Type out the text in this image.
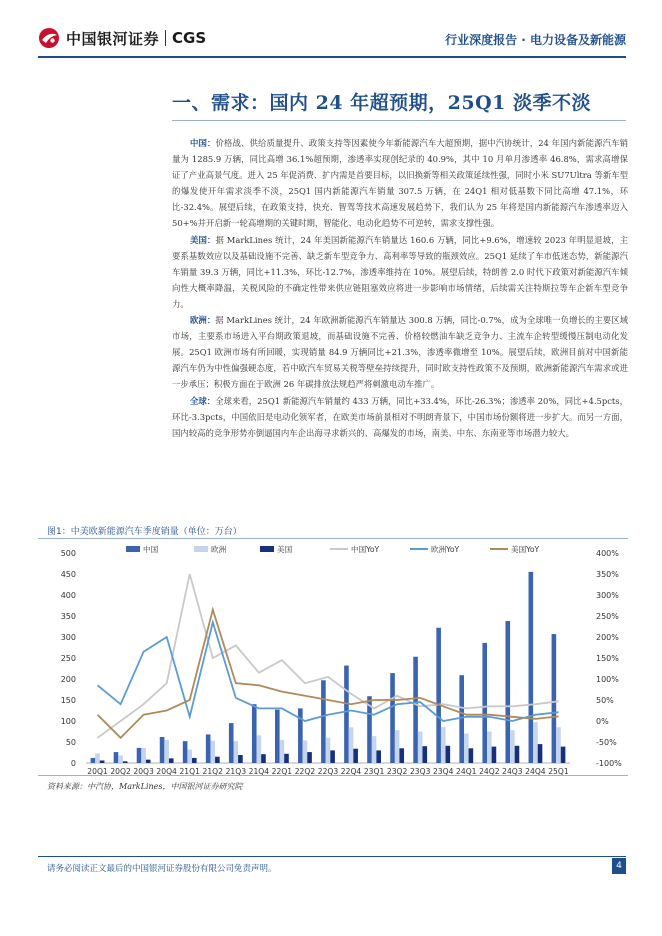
中国银河证券 CGS	行业深度报告 · 电力设备及新能源
一、需求：国内 24 年超预期，25Q1 淡季不淡

中国：价格战、供给质量提升、政策支持等因素使今年新能源汽车大超预期，据中汽协统计，24 年国内新能源汽车销量为 1285.9 万辆，同比高增 36.1%超预期，渗透率实现创纪录的 40.9%，其中 10 月单月渗透率 46.8%，需求高增保证了产业高景气度。进入 25 年促消费、扩内需是首要目标，以旧换新等相关政策延续性强，同时小米 SU7Ultra 等新车型的爆发使开年需求淡季不淡，25Q1 国内新能源汽车销量 307.5 万辆，在 24Q1 相对低基数下同比高增 47.1%，环比-32.4%。展望后续，在政策支持，快充、智驾等技术高速发展趋势下，我们认为 25 年将是国内新能源汽车渗透率迈入 50+%并开启新一轮高增期的关键时期，智能化、电动化趋势不可逆转，需求支撑性强。

美国：据 MarkLines 统计，24 年美国新能源汽车销量达 160.6 万辆，同比+9.6%，增速较 2023 年明显退坡，主要系基数效应以及基础设施不完善、缺乏新车型竞争力、高利率等导致的瓶颈效应。25Q1 延续了车市低迷态势，新能源汽车销量 39.3 万辆，同比+11.3%，环比-12.7%，渗透率维持在 10%。展望后续，特朗普 2.0 时代下政策对新能源汽车倾向性大概率降温，关税风险的不确定性带来供应链阻塞效应将进一步影响市场情绪，后续需关注特斯拉等车企新车型竞争力。

欧洲：据 MarkLines 统计，24 年欧洲新能源汽车销量达 300.8 万辆，同比-0.7%，成为全球唯一负增长的主要区域市场，主要系市场进入平台期政策退坡，而基础设施不完善、价格较燃油车缺乏竞争力、主流车企转型缓慢压制电动化发展。25Q1 欧洲市场有所回暖，实现销量 84.9 万辆同比+21.3%，渗透率微增至 10%。展望后续，欧洲目前对中国新能源汽车仍为中性偏强硬态度，若中欧汽车贸易关税等壁垒持续提升，同时欧支持性政策不及预期，欧洲新能源汽车需求或进一步承压；积极方面在于欧洲 26 年碳排放法规趋严将刺激电动车推广。

全球：全球来看，25Q1 新能源汽车销量约 433 万辆，同比+33.4%，环比-26.3%；渗透率 20%，同比+4.5pcts，环比-3.3pcts，中国依旧是电动化领军者，在欧美市场前景相对不明朗背景下，中国市场份额将进一步扩大。而另一方面，国内较高的竞争形势亦倒逼国内车企出海寻求新兴的、高爆发的市场，南美、中东、东南亚等市场潜力较大。

图1：中美欧新能源汽车季度销量（单位：万台）
0
50
100
150
200
250
300
350
400
450
500
-100%
-50%
0%
50%
100%
150%
200%
250%
300%
350%
400%
20Q1 20Q2 20Q3 20Q4 21Q1 21Q2 21Q3 21Q4 22Q1 22Q2 22Q3 22Q4 23Q1 23Q2 23Q3 23Q4 24Q1 24Q2 24Q3 24Q4 25Q1
中国	欧洲	美国	中国YoY	欧洲YoY	美国YoY
资料来源：中汽协，MarkLines，中国银河证券研究院
请务必阅读正文最后的中国银河证券股份有限公司免责声明。	4
